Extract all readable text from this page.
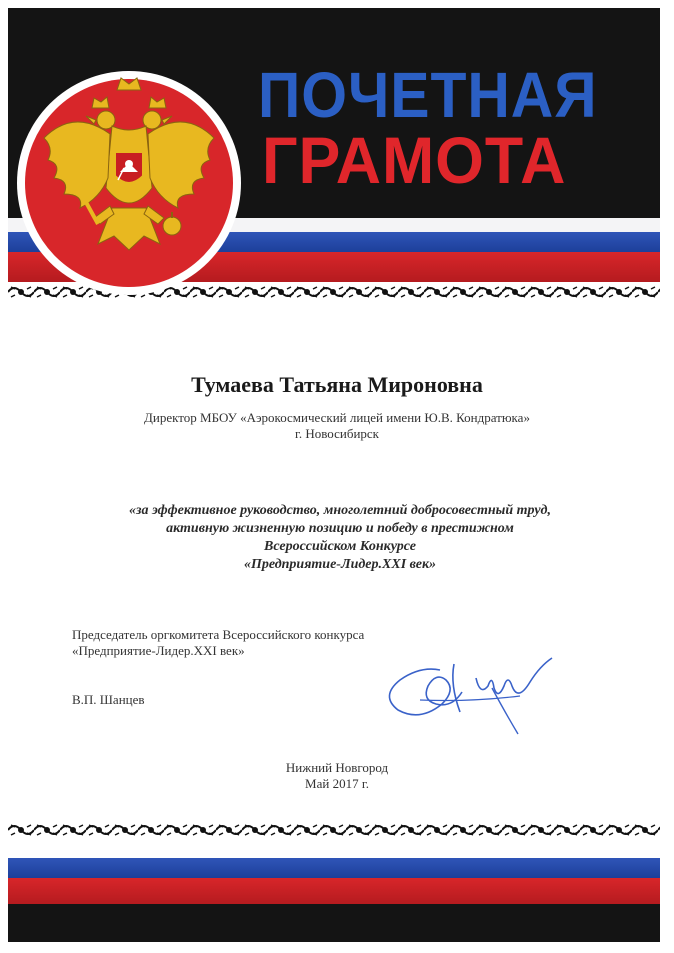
ПОЧЕТНАЯ
ГРАМОТА
Тумаева Татьяна Мироновна
Директор МБОУ «Аэрокосмический лицей имени Ю.В. Кондратюка»
г. Новосибирск
«за эффективное руководство, многолетний добросовестный труд,
активную жизненную позицию и победу в престижном
Всероссийском Конкурсе
«Предприятие-Лидер.XXI век»
Председатель оргкомитета Всероссийского конкурса
«Предприятие-Лидер.XXI век»
В.П. Шанцев
Нижний Новгород
Май 2017 г.
